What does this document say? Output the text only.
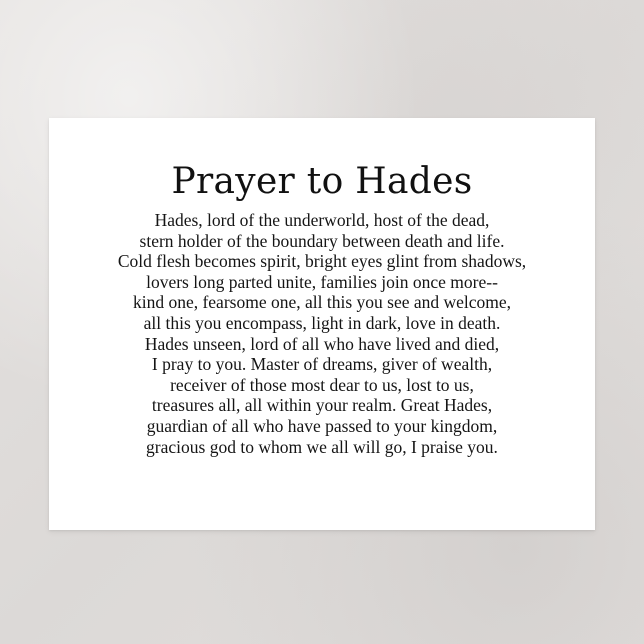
Prayer to Hades
Hades, lord of the underworld, host of the dead,
stern holder of the boundary between death and life.
Cold flesh becomes spirit, bright eyes glint from shadows,
lovers long parted unite, families join once more--
kind one, fearsome one, all this you see and welcome,
all this you encompass, light in dark, love in death.
Hades unseen, lord of all who have lived and died,
I pray to you. Master of dreams, giver of wealth,
receiver of those most dear to us, lost to us,
treasures all, all within your realm. Great Hades,
guardian of all who have passed to your kingdom,
gracious god to whom we all will go, I praise you.
